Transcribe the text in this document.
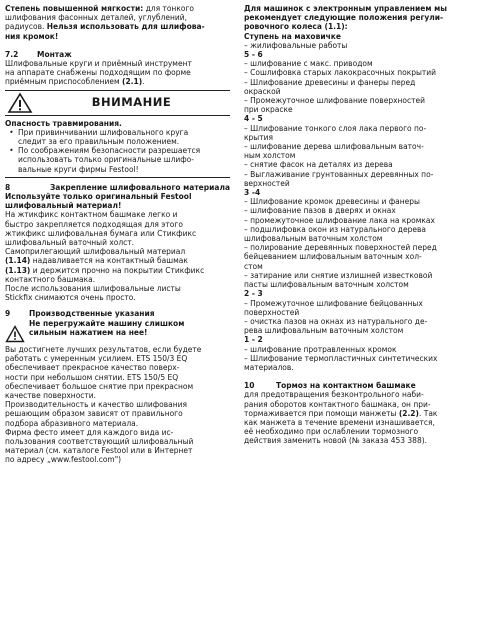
Степень повышенной мягкости: для тонкого

шлифования фасонных деталей, углублений,

радиусов. Нельзя использовать для шлифова-

ния кромок!

7.2	Монтаж

Шлифовальные круги и приёмный инструмент

на аппарате снабжены подходящим по форме

приёмным приспособлением (2.1).

ВНИМАНИЕ

Опасность травмирования.

• При привинчивании шлифовального круга
следит за его правильным положением.
• По соображениям безопасности разрешается
использовать только оригинальные шлифо-
вальные круги фирмы Festool!
8	Закрепление шлифовального материала

Используйте только оригинальный Festool

шлифовальный материал!

На жтикфикс контактном башмаке легко и

быстро закрепляется подходящая для этого

жтикфикс шлифовальная бумага или Стикфикс

шлифовальный ваточный холст.

Самоприлегающий шлифовальный материал

(1.14) надавливается на контактный башмак

(1.13) и держится прочно на покрытии Стикфикс

контактного башмака.

После использования шлифовальные листы

Stickfix снимаются очень просто.

9	Производственные указания
Не перегружайте машину слишком
сильным нажатием на нее!

Вы достигнете лучших результатов, если будете

работать с умеренным усилием. ETS 150/3 EQ

обеспечивает прекрасное качество поверх-

ности при небольшом снятии. ETS 150/5 EQ

обеспечивает большое снятие при прекрасном

качестве поверхности.

Производительность и качество шлифования

решающим образом зависят от правильного

подбора абразивного материала.

Фирма фесто имеет для каждого вида ис-

пользования соответствующий шлифовальный

материал (см. каталоге Festool или в Интернет

по адресу „www.festool.com")

Для машинок с электронным управлением мы

рекомендует следующие положения регули-

ровочного колеса (1.1):

Ступень на маховичке

– жилифовальные работы

5 - 6

– шлифование с макс. приводом

– Сошлифовка старых лакокрасочных покрытий

– Шлифование древесины и фанеры перед

окраской

– Промежуточное шлифование поверхностей

при окраске

4 - 5

– Шлифование тонкого слоя лака первого по-

крытия

– шлифование дерева шлифовальным ваточ-

ным холстом

– снятие фасок на деталях из дерева

– Выглаживание грунтованных деревянных по-

верхностей

3 -4

– Шлифование кромок древесины и фанеры

– шлифование пазов в дверях и окнах

– промежуточное шлифование лака на кромках

– подшлифовка окон из натурального дерева

шлифовальным ваточным холстом

– полирование деревянных поверхностей перед

бейцеванием шлифовальным ваточным хол-

стом

– затирание или снятие излишней известковой

пасты шлифовальным ваточным холстом

2 - 3

– Промежуточное шлифование бейцованных

поверхностей

– очистка пазов на окнах из натурального де-

рева шлифовальным ваточным холстом

1 - 2

– шлифование протравленных кромок

– Шлифование термопластичных синтетических

материалов.

10	Тормоз на контактном башмаке

для предотвращения безконтрольного наби-

рания оборотов контактного башмака, он при-

тормаживается при помощи манжеты (2.2). Так

как манжета в течение времени изнашивается,

её необходимо при ослаблении тормозного

действия заменить новой (№ заказа 453 388).
